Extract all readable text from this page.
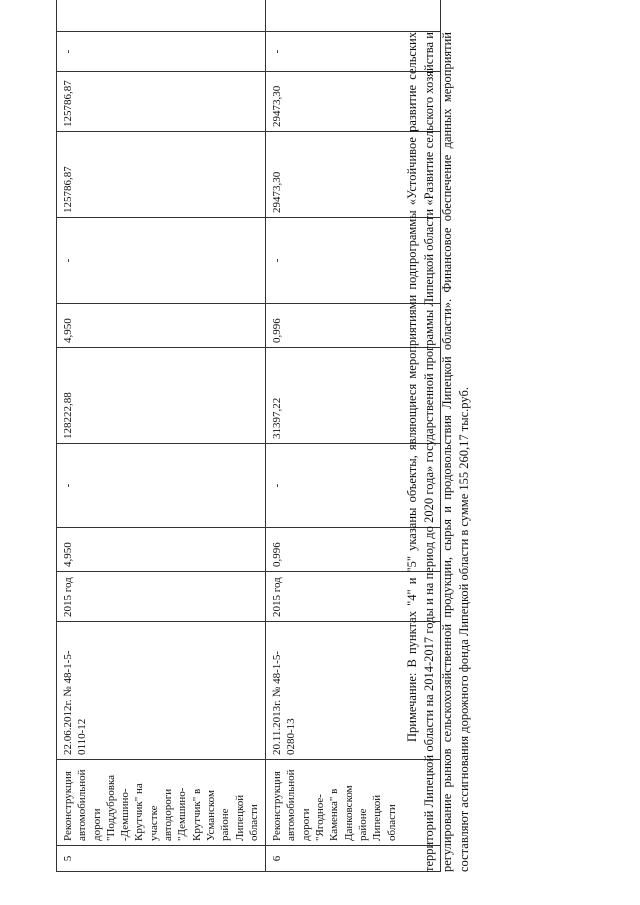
5	Реконструкция автомобильной дороги "Поддубровка -Демшино-Крутчик" на участке автодороги "Демшино-Крутчик" в Усманском районе Липецкой области	22.06.2012г. № 48-1-5-0110-12	2015 год	4,950	-	128222,88	4,950	-	125786,87	125786,87	-	
6	Реконструкция автомобильной дороги "Ягодное-Каменка" в Данковском районе Липецкой области	20.11.2013г. № 48-1-5-0280-13	2015 год	0,996	-	31397,22	0,996	-	29473,30	29473,30	-		Примечание: В пунктах "4" и "5" указаны объекты, являющиеся мероприятиями подпрограммы «Устойчивое развитие сельских территорий Липецкой области на 2014-2017 годы и на период до 2020 года» государственной программы Липецкой области «Развитие сельского хозяйства и регулирование рынков сельскохозяйственной продукции, сырья и продовольствия Липецкой области». Финансовое обеспечение данных мероприятий составляют ассигнования дорожного фонда Липецкой области в сумме 155 260,17 тыс.руб.
